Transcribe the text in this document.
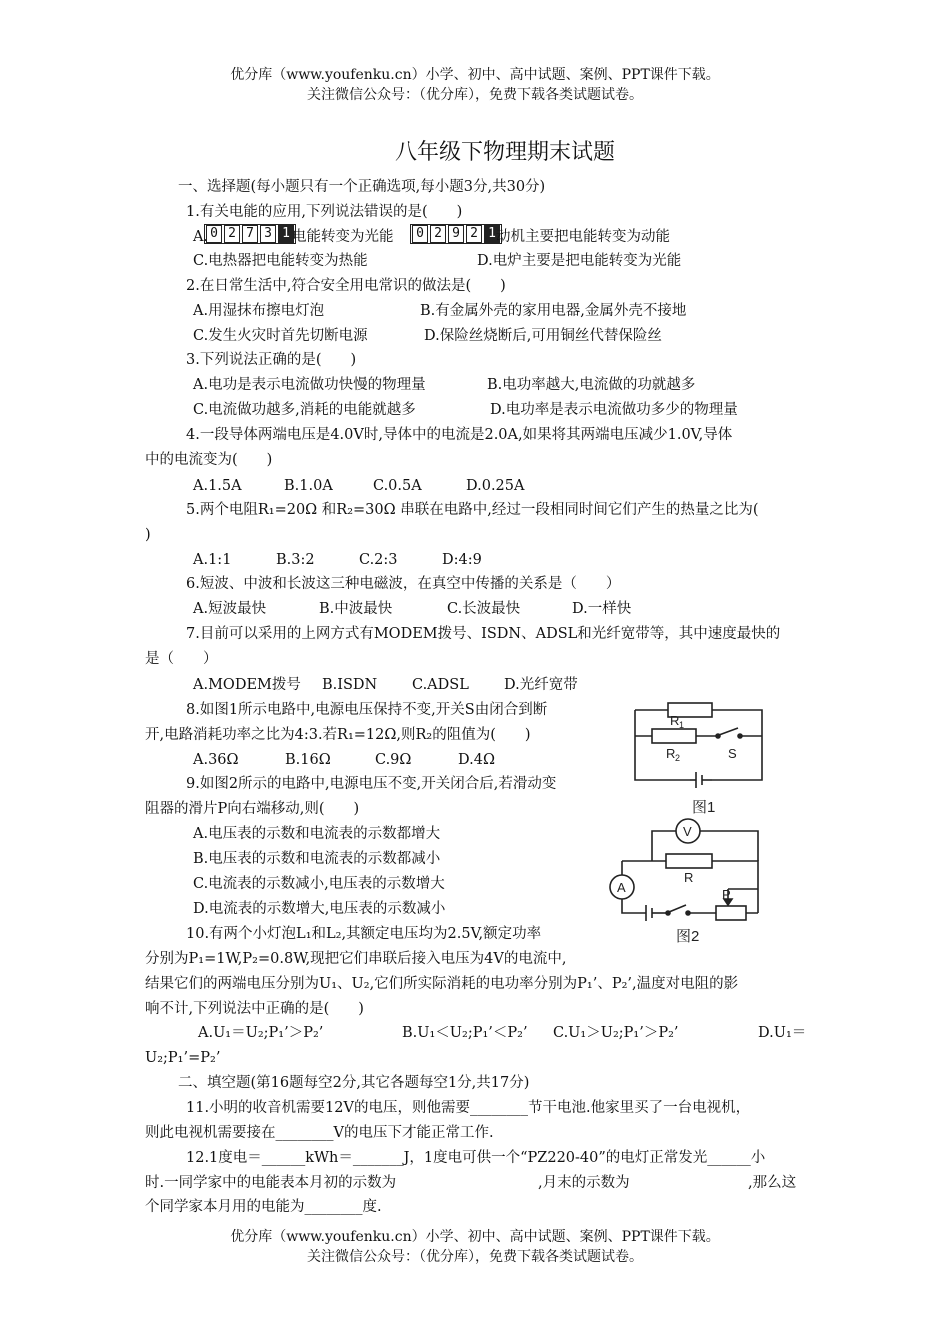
优分库（www.youfenku.cn）小学、初中、高中试题、案例、PPT课件下载。
关注微信公众号：（优分库），免费下载各类试题试卷。
八年级下物理期末试题
一、选择题(每小题只有一个正确选项,每小题3分,共30分)
1.有关电能的应用,下列说法错误的是(　　)
A. 0 2 7 3 1 电能转变为光能	0 2 9 2 1 动机主要把电能转变为动能
C.电热器把电能转变为热能	D.电炉主要是把电能转变为光能
2.在日常生活中,符合安全用电常识的做法是(　　)
A.用湿抹布擦电灯泡	B.有金属外壳的家用电器,金属外壳不接地
C.发生火灾时首先切断电源	D.保险丝烧断后,可用铜丝代替保险丝
3.下列说法正确的是(　　)
A.电功是表示电流做功快慢的物理量	B.电功率越大,电流做的功就越多
C.电流做功越多,消耗的电能就越多	D.电功率是表示电流做功多少的物理量
4.一段导体两端电压是4.0V时,导体中的电流是2.0A,如果将其两端电压减少1.0V,导体
中的电流变为(　　)
A.1.5A	B.1.0A	C.0.5A	D.0.25A
5.两个电阻R₁=20Ω 和R₂=30Ω 串联在电路中,经过一段相同时间它们产生的热量之比为(
)
A.1:1	B.3:2	C.2:3	D:4:9
6.短波、中波和长波这三种电磁波，在真空中传播的关系是（　　）
A.短波最快	B.中波最快	C.长波最快	D.一样快
7.目前可以采用的上网方式有MODEM拨号、ISDN、ADSL和光纤宽带等，其中速度最快的
是（　　）
A.MODEM拨号 B.ISDN C.ADSL D.光纤宽带
8.如图1所示电路中,电源电压保持不变,开关S由闭合到断
开,电路消耗功率之比为4:3.若R₁=12Ω,则R₂的阻值为(　　)
A.36Ω	B.16Ω	C.9Ω	D.4Ω
9.如图2所示的电路中,电源电压不变,开关闭合后,若滑动变
阻器的滑片P向右端移动,则(　　)
A.电压表的示数和电流表的示数都增大
B.电压表的示数和电流表的示数都减小
C.电流表的示数减小,电压表的示数增大
D.电流表的示数增大,电压表的示数减小
10.有两个小灯泡L₁和L₂,其额定电压均为2.5V,额定功率
分别为P₁=1W,P₂=0.8W,现把它们串联后接入电压为4V的电流中,
结果它们的两端电压分别为U₁、U₂,它们所实际消耗的电功率分别为P₁’、P₂’,温度对电阻的影
响不计,下列说法中正确的是(　　)
A.U₁＝U₂;P₁’＞P₂’	B.U₁＜U₂;P₁’＜P₂’ C.U₁＞U₂;P₁’＞P₂’	D.U₁＝
U₂;P₁’=P₂’
二、填空题(第16题每空2分,其它各题每空1分,共17分)
11.小明的收音机需要12V的电压，则他需要________节干电池.他家里买了一台电视机，
则此电视机需要接在________V的电压下才能正常工作.
12.1度电＝______kWh＝_______J，1度电可供一个“PZ220-40”的电灯正常发光______小
时.一同学家中的电能表本月初的示数为	,月末的示数为	,那么这
个同学家本月用的电能为________度.
优分库（www.youfenku.cn）小学、初中、高中试题、案例、PPT课件下载。
关注微信公众号：（优分库），免费下载各类试题试卷。
R 1
R 2	S
图1
V
A
R
P
图2
